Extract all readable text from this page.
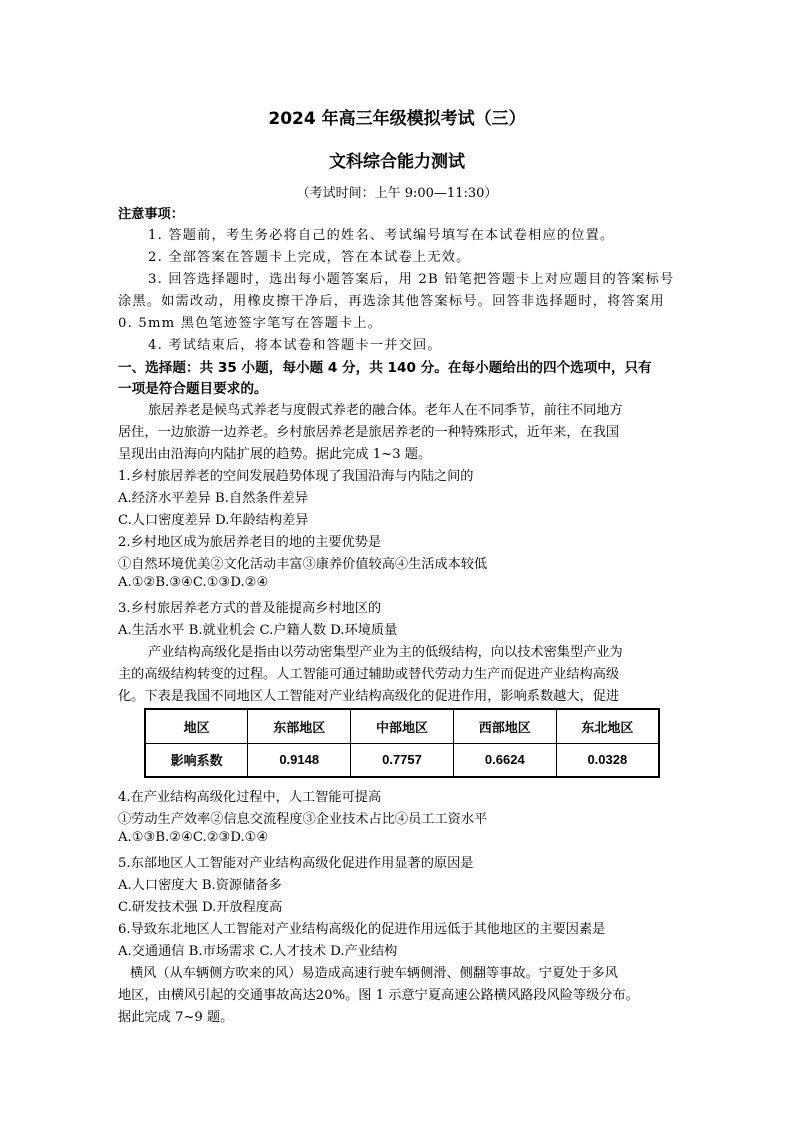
2024 年高三年级模拟考试（三）
文科综合能力测试
（考试时间：上午 9:00—11:30）
注意事项：
1. 答题前，考生务必将自己的姓名、考试编号填写在本试卷相应的位置。
2. 全部答案在答题卡上完成，答在本试卷上无效。
3. 回答选择题时，选出每小题答案后，用 2B 铅笔把答题卡上对应题目的答案标号
涂黑。如需改动，用橡皮擦干净后，再选涂其他答案标号。回答非选择题时，将答案用
0. 5mm 黑色笔迹签字笔写在答题卡上。
4. 考试结束后，将本试卷和答题卡一并交回。
一、选择题：共 35 小题，每小题 4 分，共 140 分。在每小题给出的四个选项中，只有
一项是符合题目要求的。
旅居养老是候鸟式养老与度假式养老的融合体。老年人在不同季节，前往不同地方
居住，一边旅游一边养老。乡村旅居养老是旅居养老的一种特殊形式，近年来，在我国
呈现出由沿海向内陆扩展的趋势。据此完成 1~3 题。
1.乡村旅居养老的空间发展趋势体现了我国沿海与内陆之间的
A.经济水平差异 B.自然条件差异
C.人口密度差异 D.年龄结构差异
2.乡村地区成为旅居养老目的地的主要优势是
①自然环境优美②文化活动丰富③康养价值较高④生活成本较低
A.①②B.③④C.①③D.②④
3.乡村旅居养老方式的普及能提高乡村地区的
A.生活水平 B.就业机会 C.户籍人数 D.环境质量
产业结构高级化是指由以劳动密集型产业为主的低级结构，向以技术密集型产业为
主的高级结构转变的过程。人工智能可通过辅助或替代劳动力生产而促进产业结构高级
化。下表是我国不同地区人工智能对产业结构高级化的促进作用，影响系数越大，促进
地区	东部地区	中部地区	西部地区	东北地区
影响系数	0.9148	0.7757	0.6624	0.0328
4.在产业结构高级化过程中，人工智能可提高
①劳动生产效率②信息交流程度③企业技术占比④员工工资水平
A.①③B.②④C.②③D.①④
5.东部地区人工智能对产业结构高级化促进作用显著的原因是
A.人口密度大 B.资源储备多
C.研发技术强 D.开放程度高
6.导致东北地区人工智能对产业结构高级化的促进作用远低于其他地区的主要因素是
A.交通通信 B.市场需求 C.人才技术 D.产业结构
横风（从车辆侧方吹来的风）易造成高速行驶车辆侧滑、侧翻等事故。宁夏处于多风
地区，由横风引起的交通事故高达20%。图 1 示意宁夏高速公路横风路段风险等级分布。
据此完成 7~9 题。
